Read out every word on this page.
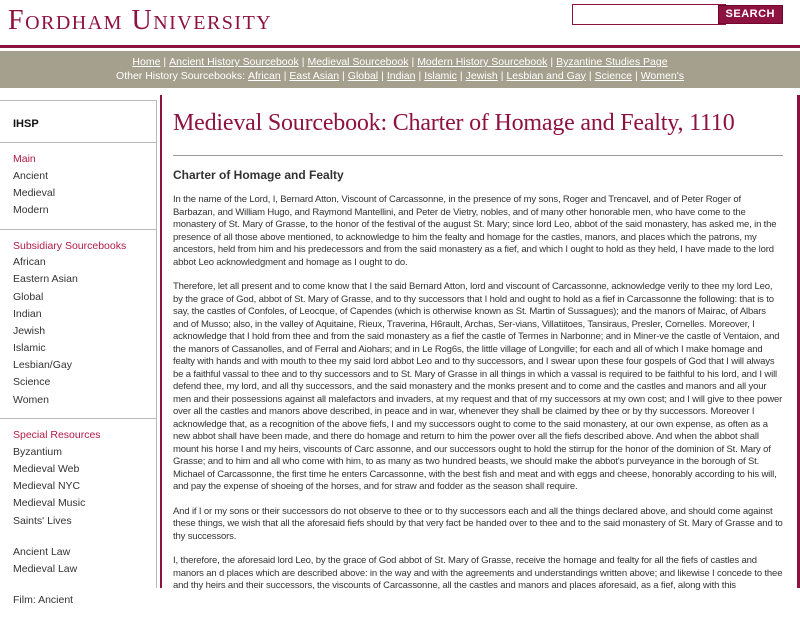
Fordham University	SEARCH
Home | Ancient History Sourcebook | Medieval Sourcebook | Modern History Sourcebook | Byzantine Studies Page
Other History Sourcebooks: African | East Asian | Global | Indian | Islamic | Jewish | Lesbian and Gay | Science | Women's
IHSP
Main
Ancient
Medieval
Modern
Subsidiary Sourcebooks
African
Eastern Asian
Global
Indian
Jewish
Islamic
Lesbian/Gay
Science
Women
Special Resources
Byzantium
Medieval Web
Medieval NYC
Medieval Music
Saints' Lives
Ancient Law
Medieval Law
Film: Ancient
Medieval Sourcebook: Charter of Homage and Fealty, 1110
Charter of Homage and Fealty

In the name of the Lord, I, Bernard Atton, Viscount of Carcassonne, in the presence of my sons, Roger and Trencavel, and of Peter Roger of Barbazan, and William Hugo, and Raymond Mantellini, and Peter de Vietry, nobles, and of many other honorable men, who have come to the monastery of St. Mary of Grasse, to the honor of the festival of the august St. Mary; since lord Leo, abbot of the said monastery, has asked me, in the presence of all those above mentioned, to acknowledge to him the fealty and homage for the castles, manors, and places which the patrons, my ancestors, held from him and his predecessors and from the said monastery as a fief, and which I ought to hold as they held, I have made to the lord abbot Leo acknowledgment and homage as I ought to do.

Therefore, let all present and to come know that I the said Bernard Atton, lord and viscount of Carcassonne, acknowledge verily to thee my lord Leo, by the grace of God, abbot of St. Mary of Grasse, and to thy successors that I hold and ought to hold as a fief in Carcassonne the following: that is to say, the castles of Confoles, of Leocque, of Capendes (which is otherwise known as St. Martin of Sussagues); and the manors of Mairac, of Albars and of Musso; also, in the valley of Aquitaine, Rieux, Traverina, H6rault, Archas, Ser-vians, Villatiitoes, Tansiraus, Presler, Cornelles. Moreover, I acknowledge that I hold from thee and from the said monastery as a fief the castle of Termes in Narbonne; and in Miner-ve the castle of Ventaion, and the manors of Cassanolles, and of Ferral and Aiohars; and in Le Rog6s, the little village of Longville; for each and all of which I make homage and fealty with hands and with mouth to thee my said lord abbot Leo and to thy successors, and I swear upon these four gospels of God that I will always be a faithful vassal to thee and to thy successors and to St. Mary of Grasse in all things in which a vassal is required to be faithful to his lord, and I will defend thee, my lord, and all thy successors, and the said monastery and the monks present and to come and the castles and manors and all your men and their possessions against all malefactors and invaders, at my request and that of my successors at my own cost; and I will give to thee power over all the castles and manors above described, in peace and in war, whenever they shall be claimed by thee or by thy successors. Moreover I acknowledge that, as a recognition of the above fiefs, I and my successors ought to come to the said monastery, at our own expense, as often as a new abbot shall have been made, and there do homage and return to him the power over all the fiefs described above. And when the abbot shall mount his horse I and my heirs, viscounts of Carc assonne, and our successors ought to hold the stirrup for the honor of the dominion of St. Mary of Grasse; and to him and all who come with him, to as many as two hundred beasts, we should make the abbot's purveyance in the borough of St. Michael of Carcassonne, the first time he enters Carcassonne, with the best fish and meat and with eggs and cheese, honorably according to his will, and pay the expense of shoeing of the horses, and for straw and fodder as the season shall require.

And if I or my sons or their successors do not observe to thee or to thy successors each and all the things declared above, and should come against these things, we wish that all the aforesaid fiefs should by that very fact be handed over to thee and to the said monastery of St. Mary of Grasse and to thy successors.

I, therefore, the aforesaid lord Leo, by the grace of God abbot of St. Mary of Grasse, receive the homage and fealty for all the fiefs of castles and manors an d places which are described above: in the way and with the agreements and understandings written above; and likewise I concede to thee and thy heirs and their successors, the viscounts of Carcassonne, all the castles and manors and places aforesaid, as a fief, along with this
